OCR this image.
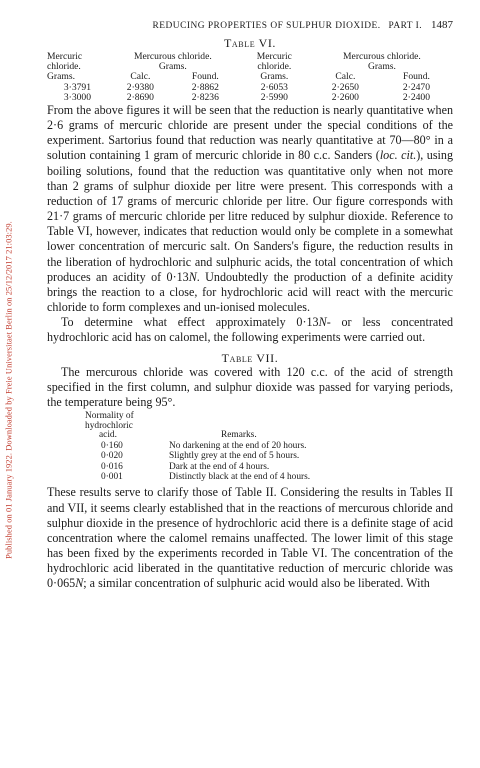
Published on 01 January 1922. Downloaded by Freie Universitaet Berlin on 25/12/2017 21:03:29.
REDUCING PROPERTIES OF SULPHUR DIOXIDE. PART I. 1487
Table VI.
Mercuric	Mercurous chloride.		Mercuric	Mercurous chloride.	
chloride.	Grams.		chloride.	Grams.	
Grams.	Calc.	Found.	Grams.	Calc.	Found.
3·3791	2·9380	2·8862	2·6053	2·2650	2·2470
3·3000	2·8690	2·8236	2·5990	2·2600	2·2400

From the above figures it will be seen that the reduction is nearly quantitative when 2·6 grams of mercuric chloride are present under the special conditions of the experiment. Sartorius found that reduction was nearly quantitative at 70—80° in a solution containing 1 gram of mercuric chloride in 80 c.c. Sanders (loc. cit.), using boiling solutions, found that the reduction was quantitative only when not more than 2 grams of sulphur dioxide per litre were present. This corresponds with a reduction of 17 grams of mercuric chloride per litre. Our figure corresponds with 21·7 grams of mercuric chloride per litre reduced by sulphur dioxide. Reference to Table VI, however, indicates that reduction would only be complete in a somewhat lower concentration of mercuric salt. On Sanders's figure, the reduction results in the liberation of hydrochloric and sulphuric acids, the total concentration of which produces an acidity of 0·13N. Undoubtedly the production of a definite acidity brings the reaction to a close, for hydrochloric acid will react with the mercuric chloride to form complexes and un-ionised molecules.

To determine what effect approximately 0·13N- or less concentrated hydrochloric acid has on calomel, the following experiments were carried out.

Table VII.

The mercurous chloride was covered with 120 c.c. of the acid of strength specified in the first column, and sulphur dioxide was passed for varying periods, the temperature being 95°.

Normality of
hydrochloric
acid.	Remarks.
0·160	No darkening at the end of 20 hours.
0·020	Slightly grey at the end of 5 hours.
0·016	Dark at the end of 4 hours.
0·001	Distinctly black at the end of 4 hours.

These results serve to clarify those of Table II. Considering the results in Tables II and VII, it seems clearly established that in the reactions of mercurous chloride and sulphur dioxide in the presence of hydrochloric acid there is a definite stage of acid concentration where the calomel remains unaffected. The lower limit of this stage has been fixed by the experiments recorded in Table VI. The concentration of the hydrochloric acid liberated in the quantitative reduction of mercuric chloride was 0·065N; a similar concentration of sulphuric acid would also be liberated. With
